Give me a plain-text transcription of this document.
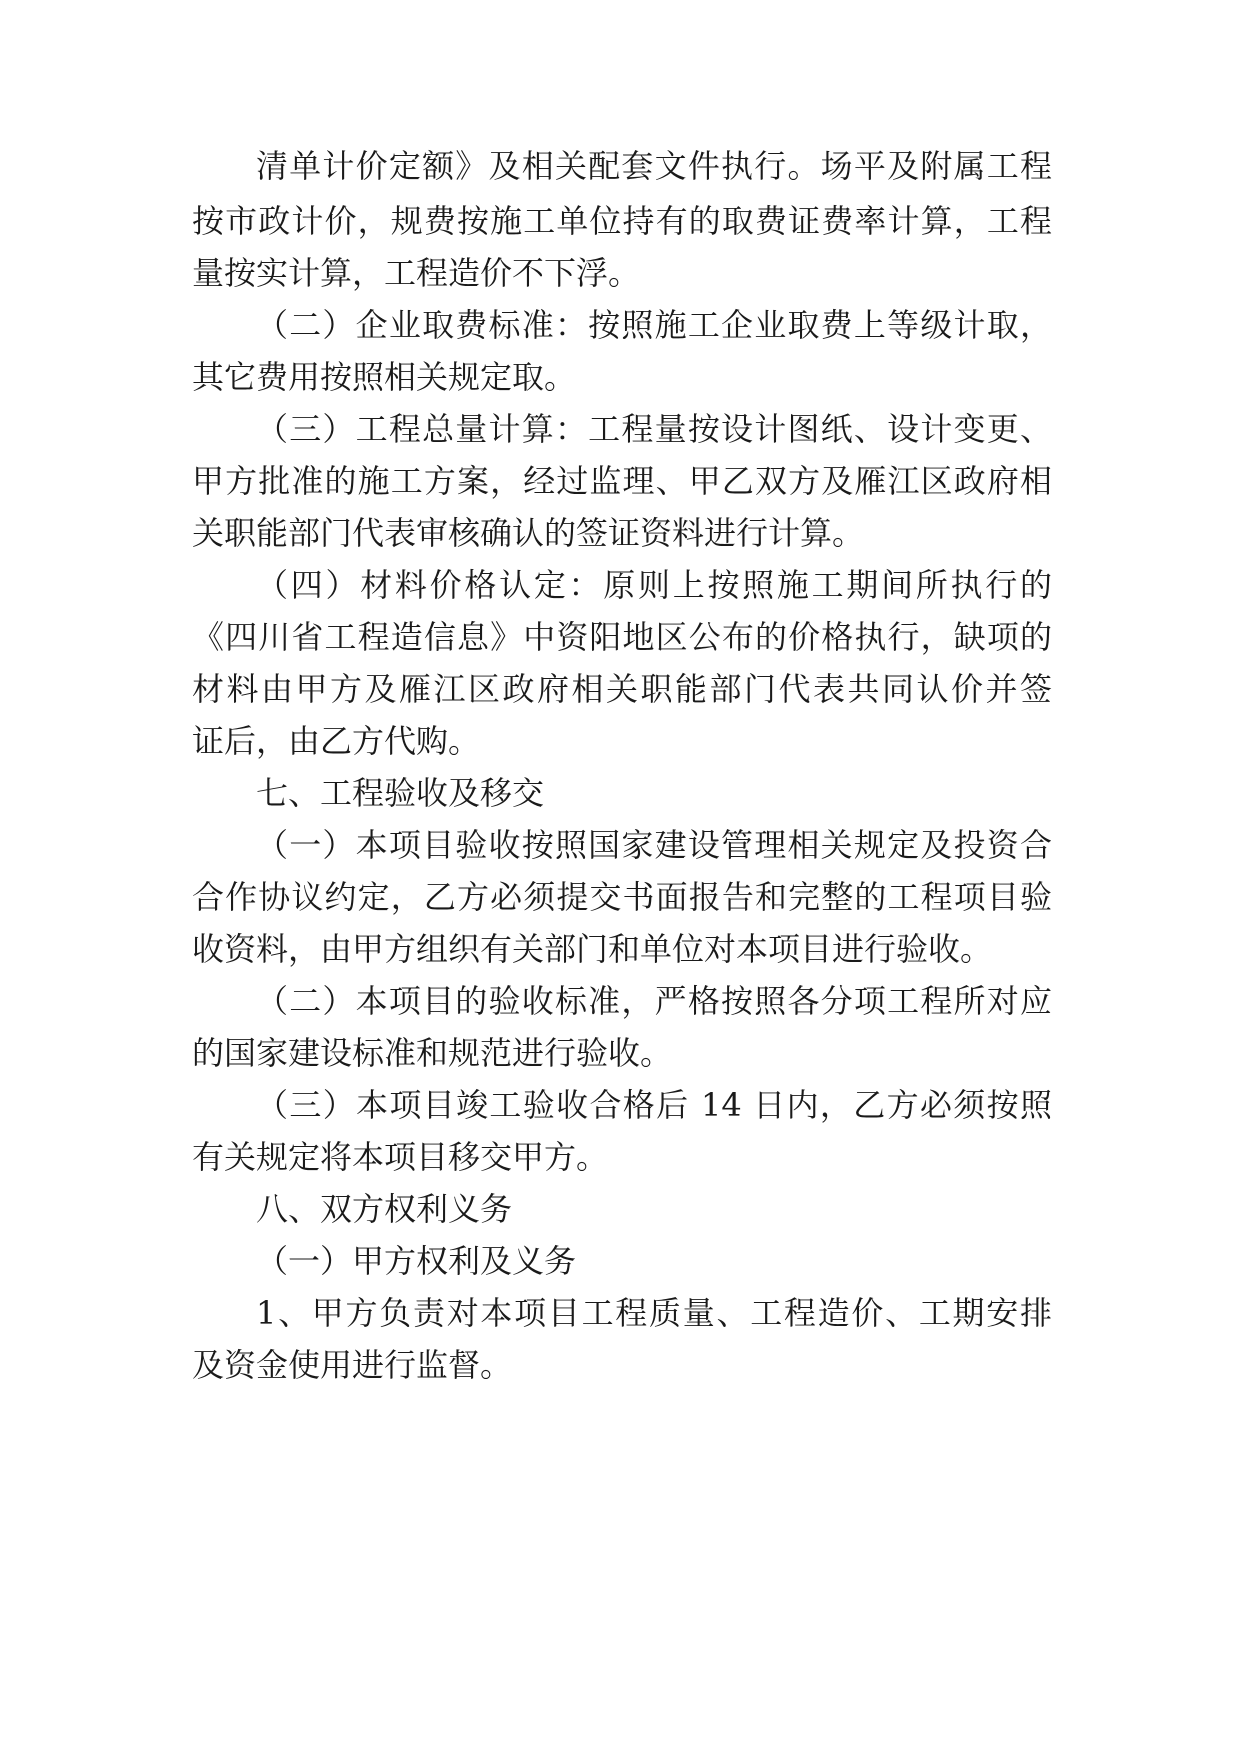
清单计价定额》及相关配套文件执行。场平及附属工程
按市政计价，规费按施工单位持有的取费证费率计算，工程
量按实计算，工程造价不下浮。
（二）企业取费标准：按照施工企业取费上等级计取，
其它费用按照相关规定取。
（三）工程总量计算：工程量按设计图纸、设计变更、
甲方批准的施工方案，经过监理、甲乙双方及雁江区政府相
关职能部门代表审核确认的签证资料进行计算。
（四）材料价格认定：原则上按照施工期间所执行的
《四川省工程造信息》中资阳地区公布的价格执行，缺项的
材料由甲方及雁江区政府相关职能部门代表共同认价并签
证后，由乙方代购。
七、工程验收及移交
（一）本项目验收按照国家建设管理相关规定及投资合
合作协议约定，乙方必须提交书面报告和完整的工程项目验
收资料，由甲方组织有关部门和单位对本项目进行验收。
（二）本项目的验收标准，严格按照各分项工程所对应
的国家建设标准和规范进行验收。
（三）本项目竣工验收合格后 14 日内，乙方必须按照
有关规定将本项目移交甲方。
八、双方权利义务
（一）甲方权利及义务
1、甲方负责对本项目工程质量、工程造价、工期安排
及资金使用进行监督。
